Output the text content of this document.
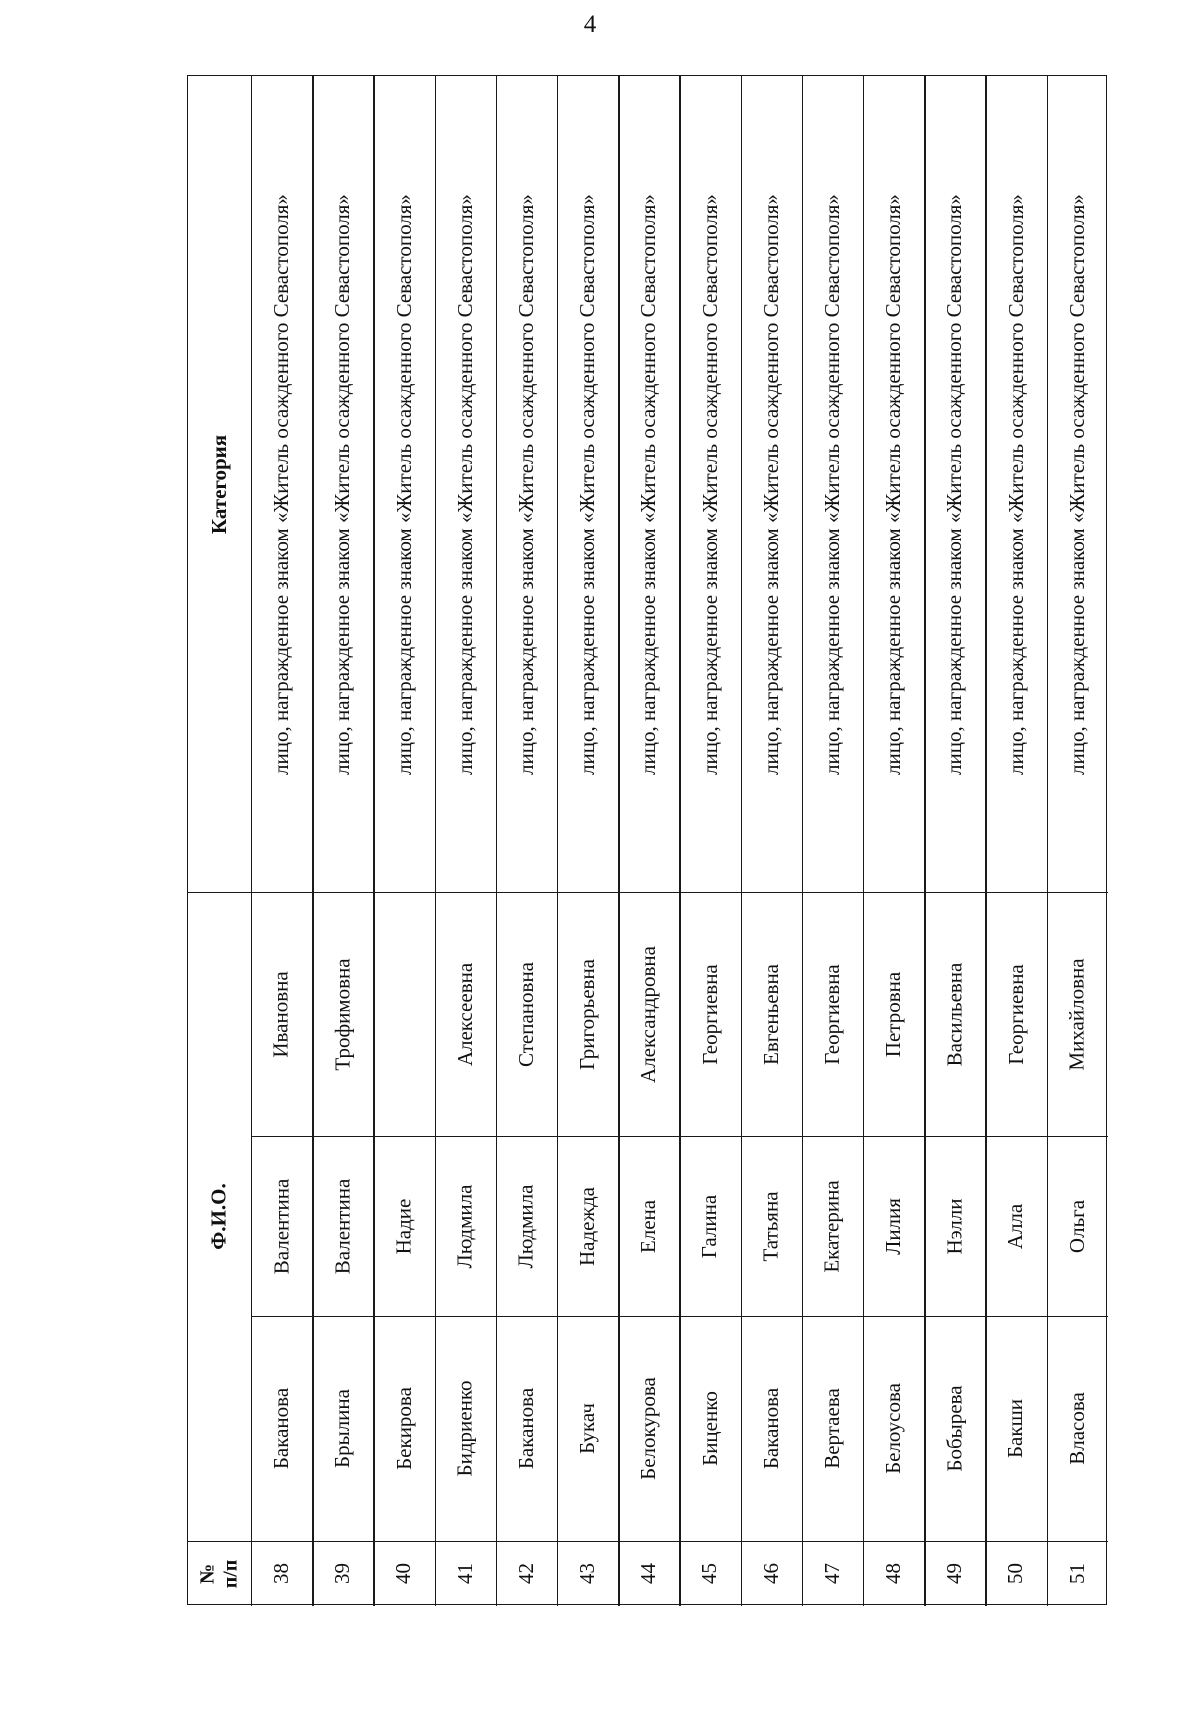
4
Категория
Ф.И.О.
№ п/п
лицо, награжденное знаком «Житель осажденного Севастополя»
Ивановна
Валентина
Баканова
38
лицо, награжденное знаком «Житель осажденного Севастополя»
Трофимовна
Валентина
Брылина
39
лицо, награжденное знаком «Житель осажденного Севастополя»
Надие
Бекирова
40
лицо, награжденное знаком «Житель осажденного Севастополя»
Алексеевна
Людмила
Бидриенко
41
лицо, награжденное знаком «Житель осажденного Севастополя»
Степановна
Людмила
Баканова
42
лицо, награжденное знаком «Житель осажденного Севастополя»
Григорьевна
Надежда
Букач
43
лицо, награжденное знаком «Житель осажденного Севастополя»
Александровна
Елена
Белокурова
44
лицо, награжденное знаком «Житель осажденного Севастополя»
Георгиевна
Галина
Биценко
45
лицо, награжденное знаком «Житель осажденного Севастополя»
Евгеньевна
Татьяна
Баканова
46
лицо, награжденное знаком «Житель осажденного Севастополя»
Георгиевна
Екатерина
Вертаева
47
лицо, награжденное знаком «Житель осажденного Севастополя»
Петровна
Лилия
Белоусова
48
лицо, награжденное знаком «Житель осажденного Севастополя»
Васильевна
Нэлли
Бобырева
49
лицо, награжденное знаком «Житель осажденного Севастополя»
Георгиевна
Алла
Бакши
50
лицо, награжденное знаком «Житель осажденного Севастополя»
Михайловна
Ольга
Власова
51
